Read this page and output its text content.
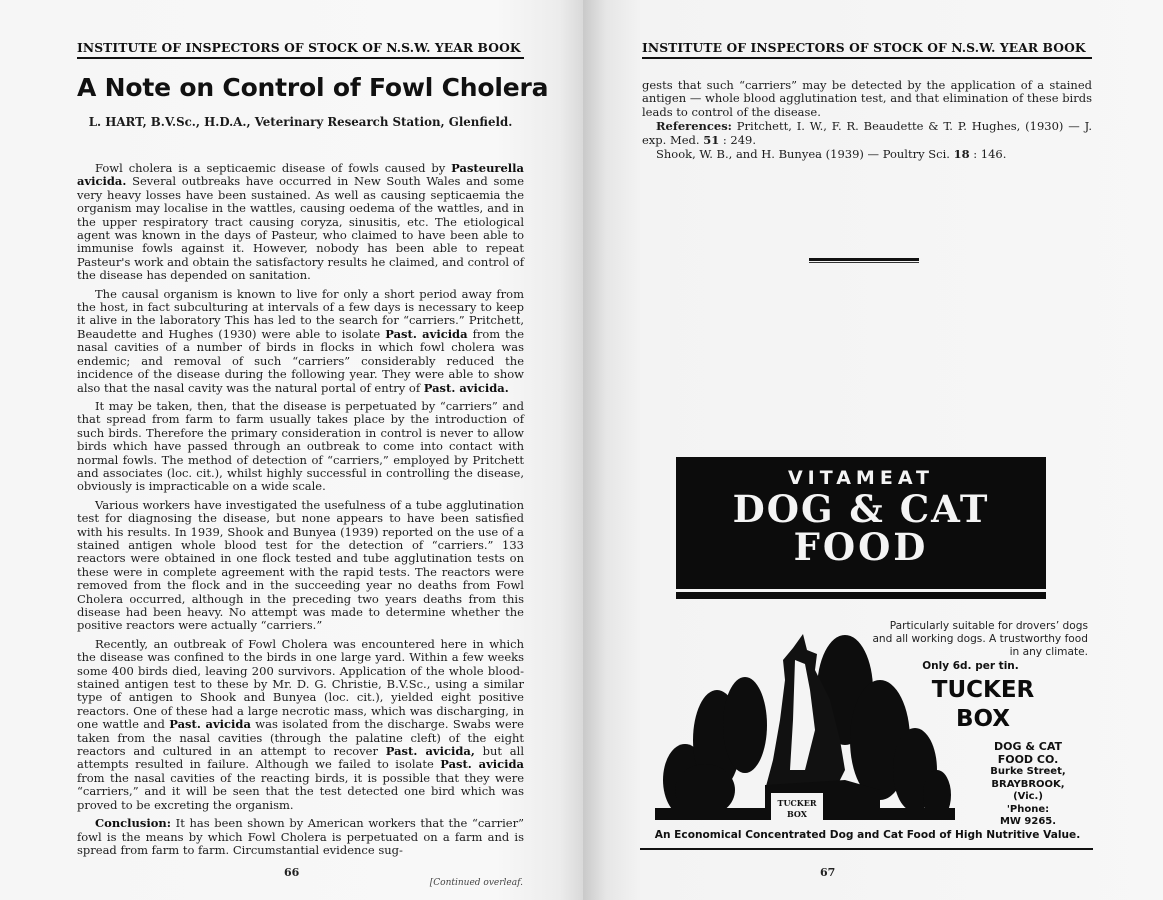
INSTITUTE OF INSPECTORS OF STOCK OF N.S.W. YEAR BOOK
A Note on Control of Fowl Cholera
L. HART, B.V.Sc., H.D.A., Veterinary Research Station, Glenfield.

Fowl cholera is a septicaemic disease of fowls caused by Pasteurella avicida. Several outbreaks have occurred in New South Wales and some very heavy losses have been sustained. As well as causing septicaemia the organism may localise in the wattles, causing oedema of the wattles, and in the upper respiratory tract causing coryza, sinusitis, etc. The etiological agent was known in the days of Pasteur, who claimed to have been able to immunise fowls against it. However, nobody has been able to repeat Pasteur's work and obtain the satisfactory results he claimed, and control of the disease has depended on sanitation.

The causal organism is known to live for only a short period away from the host, in fact subculturing at intervals of a few days is necessary to keep it alive in the laboratory This has led to the search for “carriers.” Pritchett, Beaudette and Hughes (1930) were able to isolate Past. avicida from the nasal cavities of a number of birds in flocks in which fowl cholera was endemic; and removal of such “carriers” considerably reduced the incidence of the disease during the following year. They were able to show also that the nasal cavity was the natural portal of entry of Past. avicida.

It may be taken, then, that the disease is perpetuated by “carriers” and that spread from farm to farm usually takes place by the introduction of such birds. Therefore the primary consideration in control is never to allow birds which have passed through an outbreak to come into contact with normal fowls. The method of detection of “carriers,” employed by Pritchett and associates (loc. cit.), whilst highly successful in controlling the disease, obviously is impracticable on a wide scale.

Various workers have investigated the usefulness of a tube agglutination test for diagnosing the disease, but none appears to have been satisfied with his results. In 1939, Shook and Bunyea (1939) reported on the use of a stained antigen whole blood test for the detection of “carriers.” 133 reactors were obtained in one flock tested and tube agglutination tests on these were in complete agreement with the rapid tests. The reactors were removed from the flock and in the succeeding year no deaths from Fowl Cholera occurred, although in the preceding two years deaths from this disease had been heavy. No attempt was made to determine whether the positive reactors were actually “carriers.”

Recently, an outbreak of Fowl Cholera was encountered here in which the disease was confined to the birds in one large yard. Within a few weeks some 400 birds died, leaving 200 survivors. Application of the whole blood-stained antigen test to these by Mr. D. G. Christie, B.V.Sc., using a similar type of antigen to Shook and Bunyea (loc. cit.), yielded eight positive reactors. One of these had a large necrotic mass, which was discharging, in one wattle and Past. avicida was isolated from the discharge. Swabs were taken from the nasal cavities (through the palatine cleft) of the eight reactors and cultured in an attempt to recover Past. avicida, but all attempts resulted in failure. Although we failed to isolate Past. avicida from the nasal cavities of the reacting birds, it is possible that they were “carriers,” and it will be seen that the test detected one bird which was proved to be excreting the organism.

Conclusion: It has been shown by American workers that the “carrier” fowl is the means by which Fowl Cholera is perpetuated on a farm and is spread from farm to farm. Circumstantial evidence sug-

[Continued overleaf.
66
INSTITUTE OF INSPECTORS OF STOCK OF N.S.W. YEAR BOOK

gests that such “carriers” may be detected by the application of a stained antigen — whole blood agglutination test, and that elimination of these birds leads to control of the disease.

References: Pritchett, I. W., F. R. Beaudette & T. P. Hughes, (1930) — J. exp. Med. 51 : 249.

Shook, W. B., and H. Bunyea (1939) — Poultry Sci. 18 : 146.

VITAMEAT
DOG & CAT
FOOD
TUCKER
BOX
Particularly suitable for drovers’ dogs and all working dogs. A trustworthy food in any climate.
Only 6d. per tin.
TUCKER
BOX
DOG & CAT
FOOD CO.
Burke Street,
BRAYBROOK,
(Vic.)
'Phone:
MW 9265.
An Economical Concentrated Dog and Cat Food of High Nutritive Value.
67
